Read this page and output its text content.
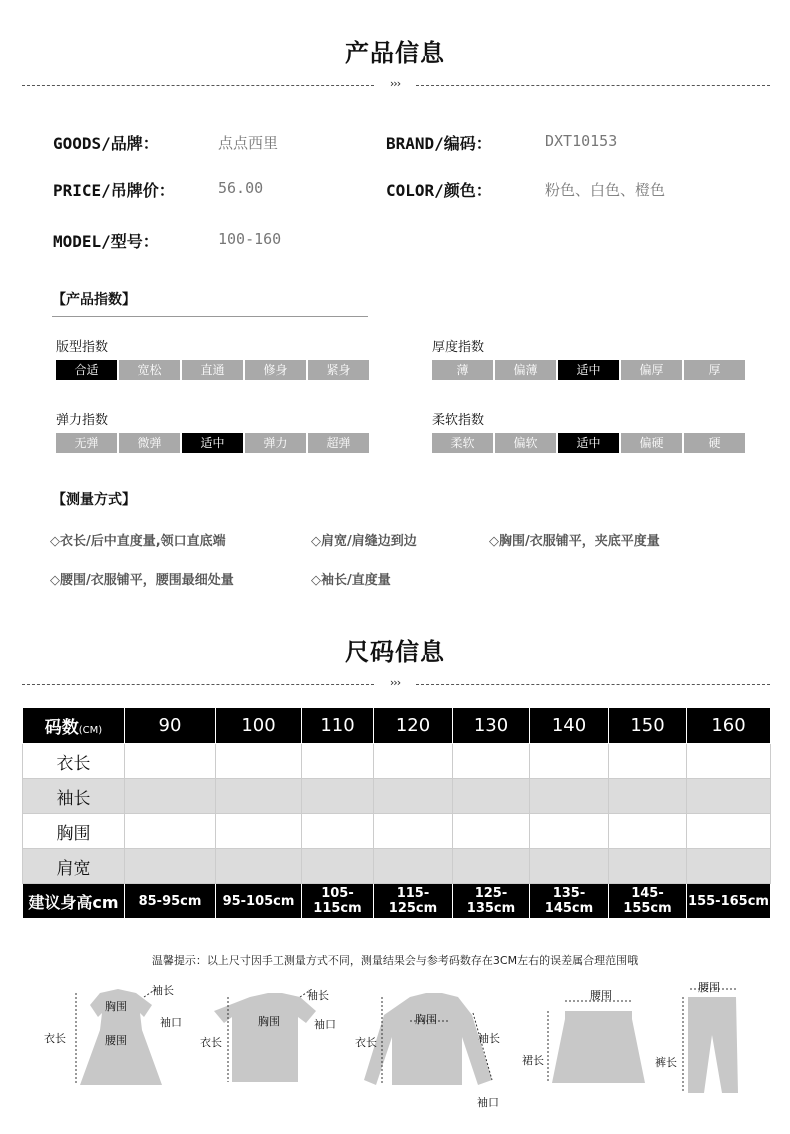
产品信息
›››
GOODS/品牌：	点点西里	BRAND/编码：	DXT10153
PRICE/吊牌价：	56.00	COLOR/颜色：	粉色、白色、橙色
MODEL/型号：	100-160
【产品指数】
版型指数
合适	宽松	直通	修身	紧身
厚度指数
薄	偏薄	适中	偏厚	厚
弹力指数
无弹	微弹	适中	弹力	超弹
柔软指数
柔软	偏软	适中	偏硬	硬
【测量方式】
◇衣长/后中直度量,领口直底端	◇肩宽/肩缝边到边	◇胸围/衣服铺平，夹底平度量
◇腰围/衣服铺平，腰围最细处量	◇袖长/直度量
尺码信息
›››
码数(CM)	90	100	110	120	130	140	150	160
衣长								
袖长								
胸围								
肩宽								
建议身高cm	85-95cm	95-105cm	105-115cm	115-125cm	125-135cm	135-145cm	145-155cm	155-165cm
温馨提示：以上尺寸因手工测量方式不同，测量结果会与参考码数存在3CM左右的误差属合理范围哦
胸围
袖长
袖口
衣长	腰围
袖长
胸围	袖口
衣长
胸围
袖长
衣长
袖口
腰围
裙长
腰围
裤长
